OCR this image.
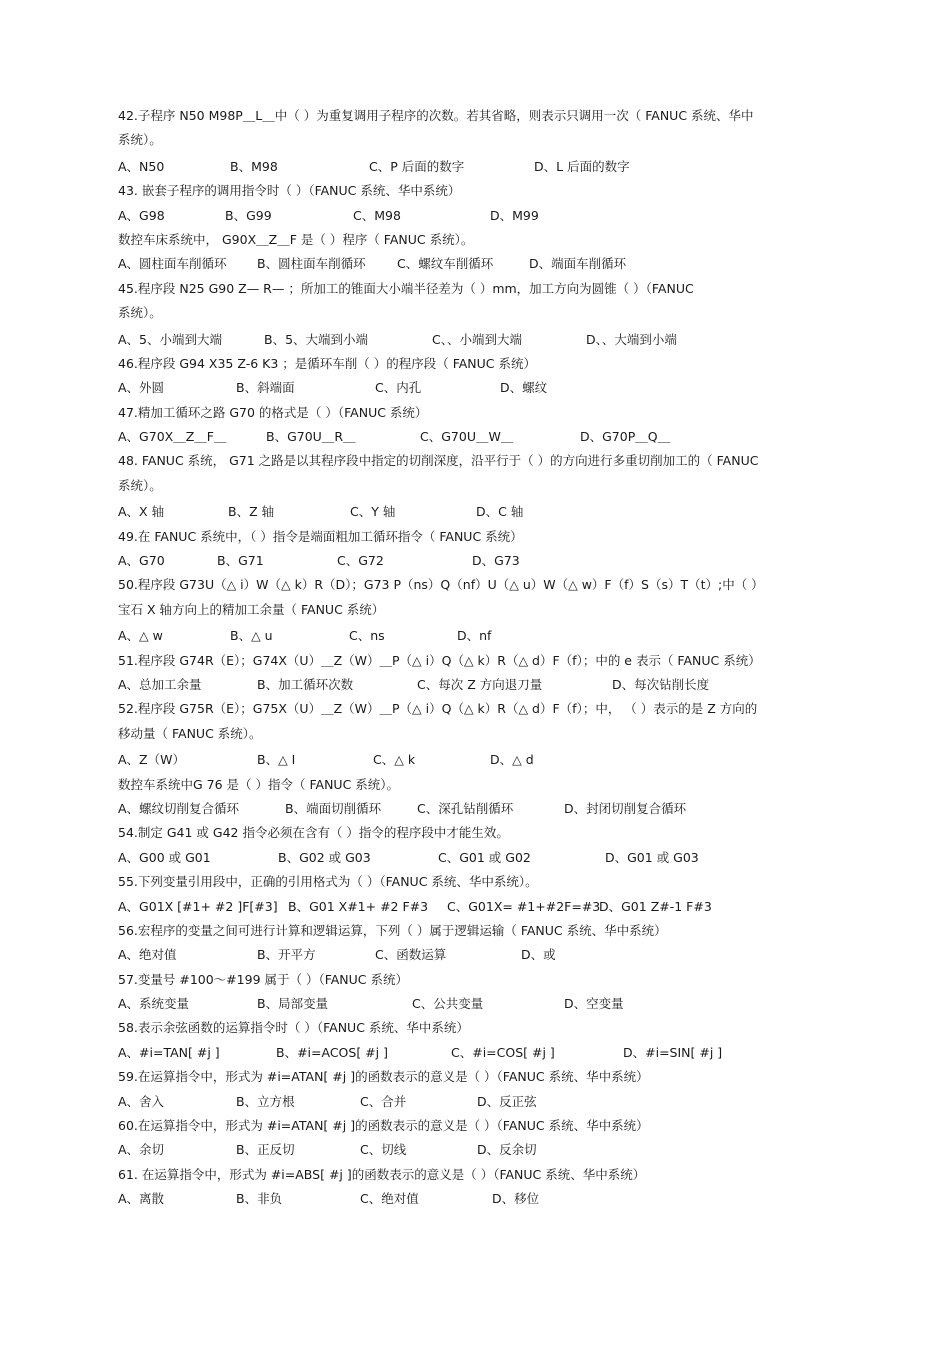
42.子程序 N50 M98P＿L＿中（ ）为重复调用子程序的次数。若其省略，则表示只调用一次（ FANUC 系统、华中
系统）。
A、N50	B、M98	C、P 后面的数字	D、L 后面的数字
43. 嵌套子程序的调用指令时（ ）（FANUC 系统、华中系统）
A、G98	B、G99	C、M98	D、M99
数控车床系统中， G90X＿Z＿F 是（ ）程序（ FANUC 系统）。
A、圆柱面车削循环 B、圆柱面车削循环	C、螺纹车削循环	D、端面车削循环
45.程序段 N25 G90 Z— R— ；所加工的锥面大小端半径差为（ ）mm，加工方向为圆锥（ ）（FANUC
系统）。
A、5、小端到大端	B、5、大端到小端	C、、小端到大端	D、、大端到小端
46.程序段 G94 X35 Z-6 K3 ；是循环车削（ ）的程序段（ FANUC 系统）
A、外圆	B、斜端面	C、内孔	D、螺纹
47.精加工循环之路 G70 的格式是（ ）（FANUC 系统）
A、G70X＿Z＿F＿	B、G70U＿R＿	C、G70U＿W＿	D、G70P＿Q＿
48. FANUC 系统， G71 之路是以其程序段中指定的切削深度，沿平行于（ ）的方向进行多重切削加工的（ FANUC
系统）。
A、X 轴	B、Z 轴	C、Y 轴	D、C 轴
49.在 FANUC 系统中，（ ）指令是端面粗加工循环指令（ FANUC 系统）
A、G70	B、G71	C、G72	D、G73
50.程序段 G73U（△ i）W（△ k）R（D）；G73 P（ns）Q（nf）U（△ u）W（△ w）F（f）S（s）T（t）;中（ ）
宝石 X 轴方向上的精加工余量（ FANUC 系统）
A、△ w	B、△ u	C、ns	D、nf
51.程序段 G74R（E）；G74X（U）＿Z（W）＿P（△ i）Q（△ k）R（△ d）F（f）；中的 e 表示（ FANUC 系统）
A、总加工余量	B、加工循环次数	C、每次 Z 方向退刀量	D、每次钻削长度
52.程序段 G75R（E）；G75X（U）＿Z（W）＿P（△ i）Q（△ k）R（△ d）F（f）；中， （ ）表示的是 Z 方向的
移动量（ FANUC 系统）。
A、Z（W）	B、△ I	C、△ k	D、△ d
数控车系统中G 76 是（ ）指令（ FANUC 系统）。
A、螺纹切削复合循环	B、端面切削循环	C、深孔钻削循环	D、封闭切削复合循环
54.制定 G41 或 G42 指令必须在含有（ ）指令的程序段中才能生效。
A、G00 或 G01	B、G02 或 G03	C、G01 或 G02	D、G01 或 G03
55.下列变量引用段中，正确的引用格式为（ ）（FANUC 系统、华中系统）。
A、G01X [#1+ #2 ]F[#3] B、G01 X#1+ #2 F#3 C、G01X= #1+#2F=#3
D、G01 Z#-1 F#3
56.宏程序的变量之间可进行计算和逻辑运算，下列（ ）属于逻辑运输（ FANUC 系统、华中系统）
A、绝对值	B、开平方	C、函数运算	D、或
57.变量号 #100～#199 属于（ ）（FANUC 系统）
A、系统变量	B、局部变量	C、公共变量	D、空变量
58.表示余弦函数的运算指令时（ ）（FANUC 系统、华中系统）
A、#i=TAN[ #j ]	B、#i=ACOS[ #j ]	C、#i=COS[ #j ]	D、#i=SIN[ #j ]
59.在运算指令中，形式为 #i=ATAN[ #j ]的函数表示的意义是（ ）（FANUC 系统、华中系统）
A、舍入	B、立方根	C、合并	D、反正弦
60.在运算指令中，形式为 #i=ATAN[ #j ]的函数表示的意义是（ ）（FANUC 系统、华中系统）
A、余切	B、正反切	C、切线	D、反余切
61. 在运算指令中，形式为 #i=ABS[ #j ]的函数表示的意义是（ ）（FANUC 系统、华中系统）
A、离散	B、非负	C、绝对值	D、移位
